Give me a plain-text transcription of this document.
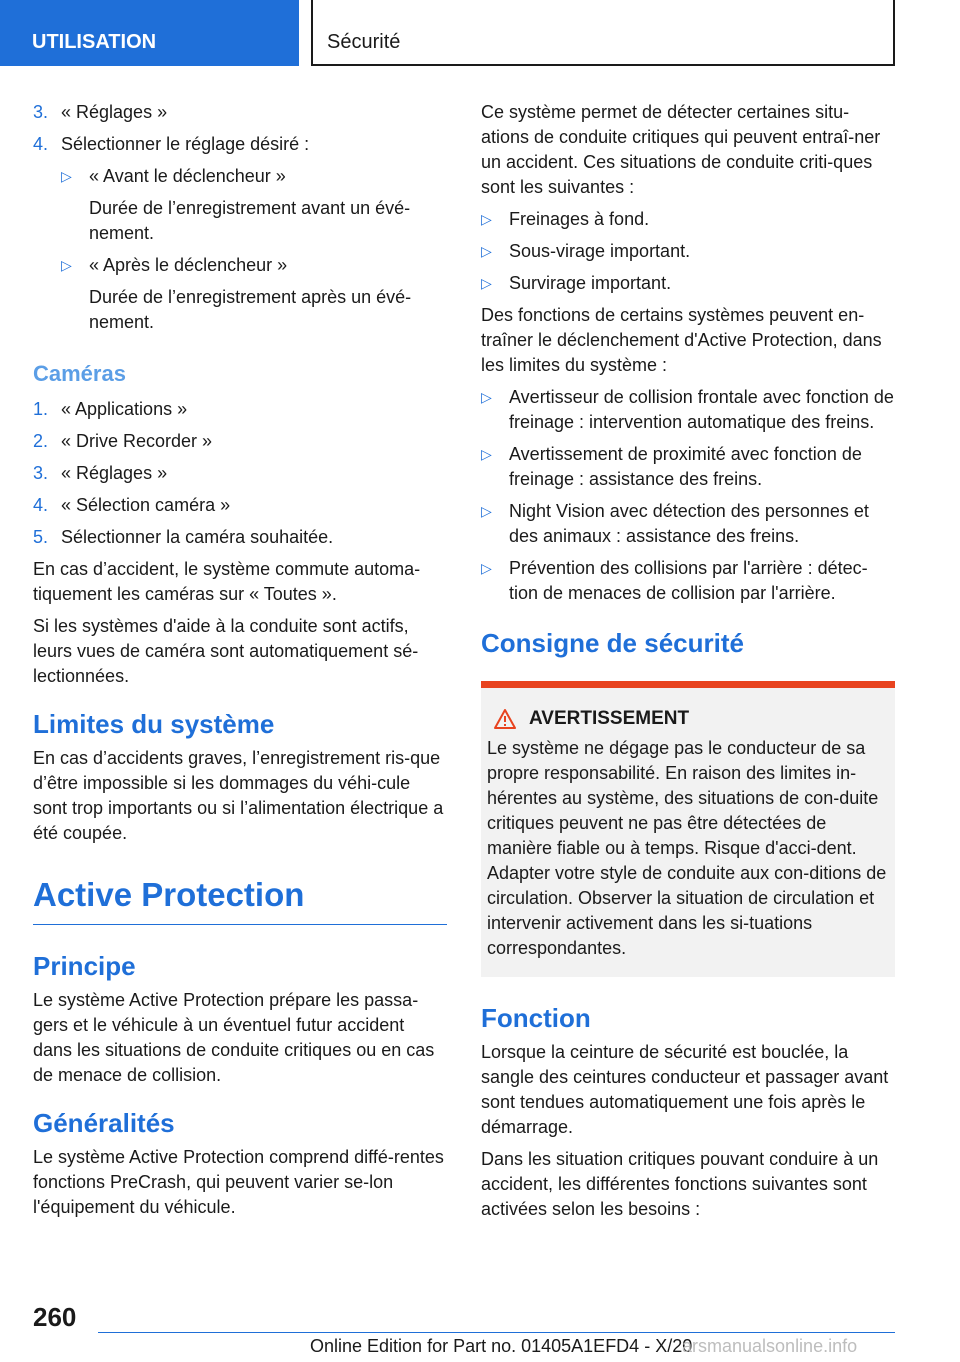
UTILISATION	Sécurité
3. « Réglages »
4. Sélectionner le réglage désiré :
▷ « Avant le déclencheur »
Durée de l’enregistrement avant un évé-nement.
▷ « Après le déclencheur »
Durée de l’enregistrement après un évé-nement.
Caméras
1. « Applications »
2. « Drive Recorder »
3. « Réglages »
4. « Sélection caméra »
5. Sélectionner la caméra souhaitée.

En cas d’accident, le système commute automa-tiquement les caméras sur « Toutes ».

Si les systèmes d'aide à la conduite sont actifs, leurs vues de caméra sont automatiquement sé-lectionnées.

Limites du système

En cas d’accidents graves, l’enregistrement ris-que d’être impossible si les dommages du véhi-cule sont trop importants ou si l’alimentation électrique a été coupée.

Active Protection
Principe

Le système Active Protection prépare les passa-gers et le véhicule à un éventuel futur accident dans les situations de conduite critiques ou en cas de menace de collision.

Généralités

Le système Active Protection comprend diffé-rentes fonctions PreCrash, qui peuvent varier se-lon l'équipement du véhicule.

Ce système permet de détecter certaines situ-ations de conduite critiques qui peuvent entraî-ner un accident. Ces situations de conduite criti-ques sont les suivantes :

▷ Freinages à fond.
▷ Sous-virage important.
▷ Survirage important.

Des fonctions de certains systèmes peuvent en-traîner le déclenchement d'Active Protection, dans les limites du système :

▷ Avertisseur de collision frontale avec fonction de freinage : intervention automatique des freins.
▷ Avertissement de proximité avec fonction de freinage : assistance des freins.
▷ Night Vision avec détection des personnes et des animaux : assistance des freins.
▷ Prévention des collisions par l'arrière : détec-tion de menaces de collision par l'arrière.
Consigne de sécurité
AVERTISSEMENT

Le système ne dégage pas le conducteur de sa propre responsabilité. En raison des limites in-hérentes au système, des situations de con-duite critiques peuvent ne pas être détectées de manière fiable ou à temps. Risque d'acci-dent. Adapter votre style de conduite aux con-ditions de circulation. Observer la situation de circulation et intervenir activement dans les si-tuations correspondantes.

Fonction

Lorsque la ceinture de sécurité est bouclée, la sangle des ceintures conducteur et passager avant sont tendues automatiquement une fois après le démarrage.

Dans les situation critiques pouvant conduire à un accident, les différentes fonctions suivantes sont activées selon les besoins :

260
Online Edition for Part no. 01405A1EFD4 - X/20
arsmanualsonline.info
